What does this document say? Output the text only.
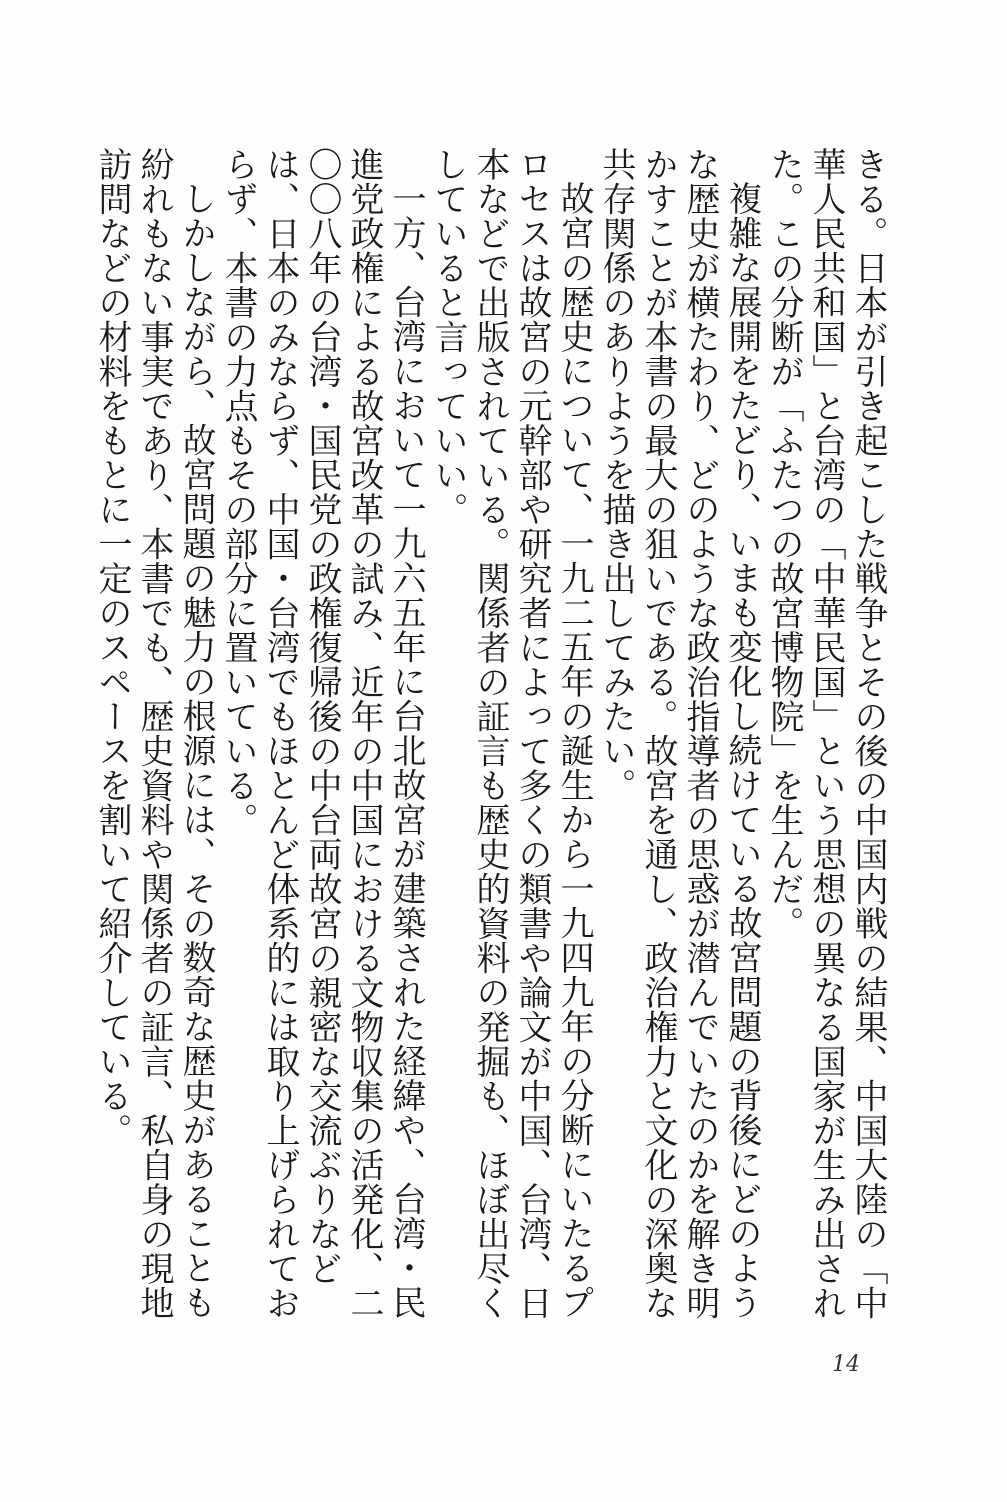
きる。日本が引き起こした戦争とその後の中国内戦の結果、中国大陸の「中華人民共和国」と台湾の「中華民国」という思想の異なる国家が生み出された。この分断が「ふたつの故宮博物院」を生んだ。

複雑な展開をたどり、いまも変化し続けている故宮問題の背後にどのような歴史が横たわり、どのような政治指導者の思惑が潜んでいたのかを解き明かすことが本書の最大の狙いである。故宮を通し、政治権力と文化の深奥な共存関係のありようを描き出してみたい。

故宮の歴史について、一九二五年の誕生から一九四九年の分断にいたるプロセスは故宮の元幹部や研究者によって多くの類書や論文が中国、台湾、日本などで出版されている。関係者の証言も歴史的資料の発掘も、ほぼ出尽くしていると言っていい。

一方、台湾において一九六五年に台北故宮が建築された経緯や、台湾・民進党政権による故宮改革の試み、近年の中国における文物収集の活発化、二〇〇八年の台湾・国民党の政権復帰後の中台両故宮の親密な交流ぶりなどは、日本のみならず、中国・台湾でもほとんど体系的には取り上げられておらず、本書の力点もその部分に置いている。

しかしながら、故宮問題の魅力の根源には、その数奇な歴史があることも紛れもない事実であり、本書でも、歴史資料や関係者の証言、私自身の現地訪問などの材料をもとに一定のスペースを割いて紹介している。

14
